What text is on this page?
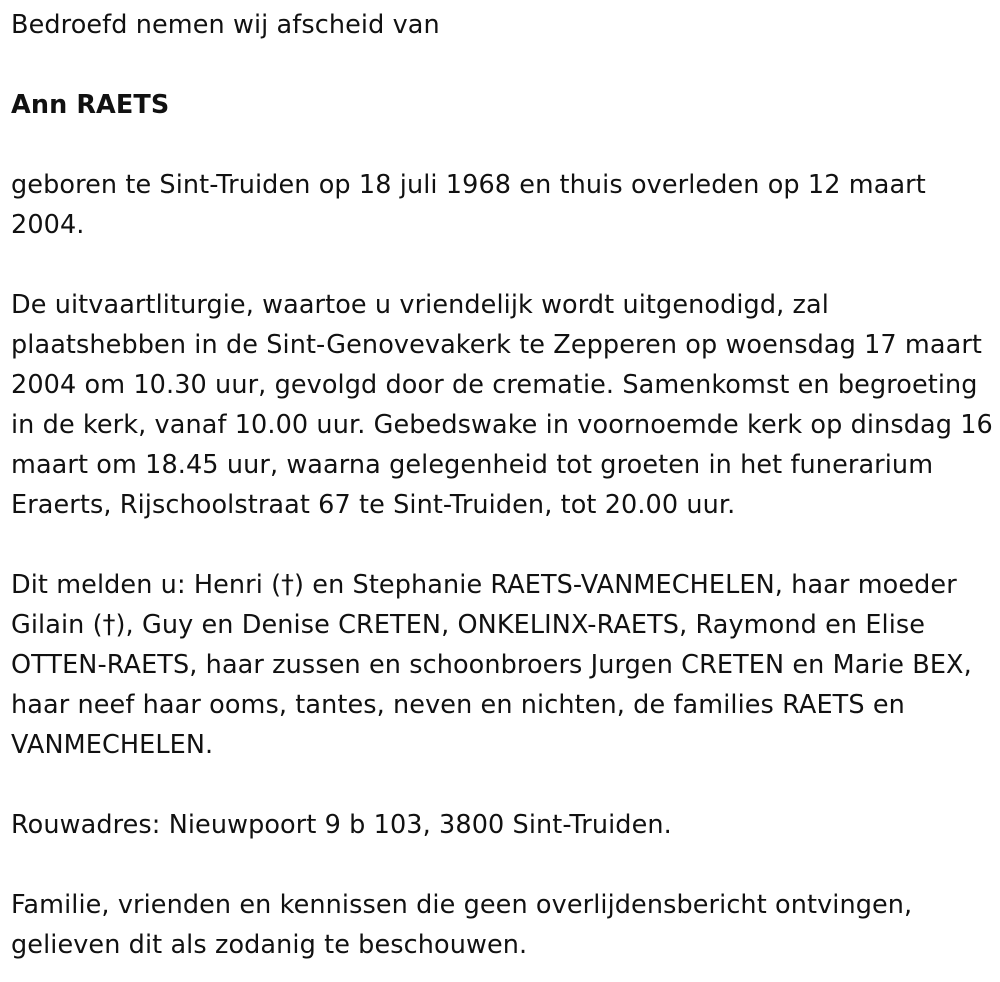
Bedroefd nemen wij afscheid van

Ann RAETS

geboren te Sint-Truiden op 18 juli 1968 en thuis overleden op 12 maart 2004.

De uitvaartliturgie, waartoe u vriendelijk wordt uitgenodigd, zal plaatshebben in de Sint-Genovevakerk te Zepperen op woensdag 17 maart 2004 om 10.30 uur, gevolgd door de crematie. Samenkomst en begroeting in de kerk, vanaf 10.00 uur. Gebedswake in voornoemde kerk op dinsdag 16 maart om 18.45 uur, waarna gelegenheid tot groeten in het funerarium Eraerts, Rijschoolstraat 67 te Sint-Truiden, tot 20.00 uur.

Dit melden u: Henri (†) en Stephanie RAETS-VANMECHELEN, haar moeder Gilain (†), Guy en Denise CRETEN, ONKELINX-RAETS, Raymond en Elise OTTEN-RAETS, haar zussen en schoonbroers Jurgen CRETEN en Marie BEX, haar neef haar ooms, tantes, neven en nichten, de families RAETS en VANMECHELEN.

Rouwadres: Nieuwpoort 9 b 103, 3800 Sint-Truiden.

Familie, vrienden en kennissen die geen overlijdensbericht ontvingen, gelieven dit als zodanig te beschouwen.
